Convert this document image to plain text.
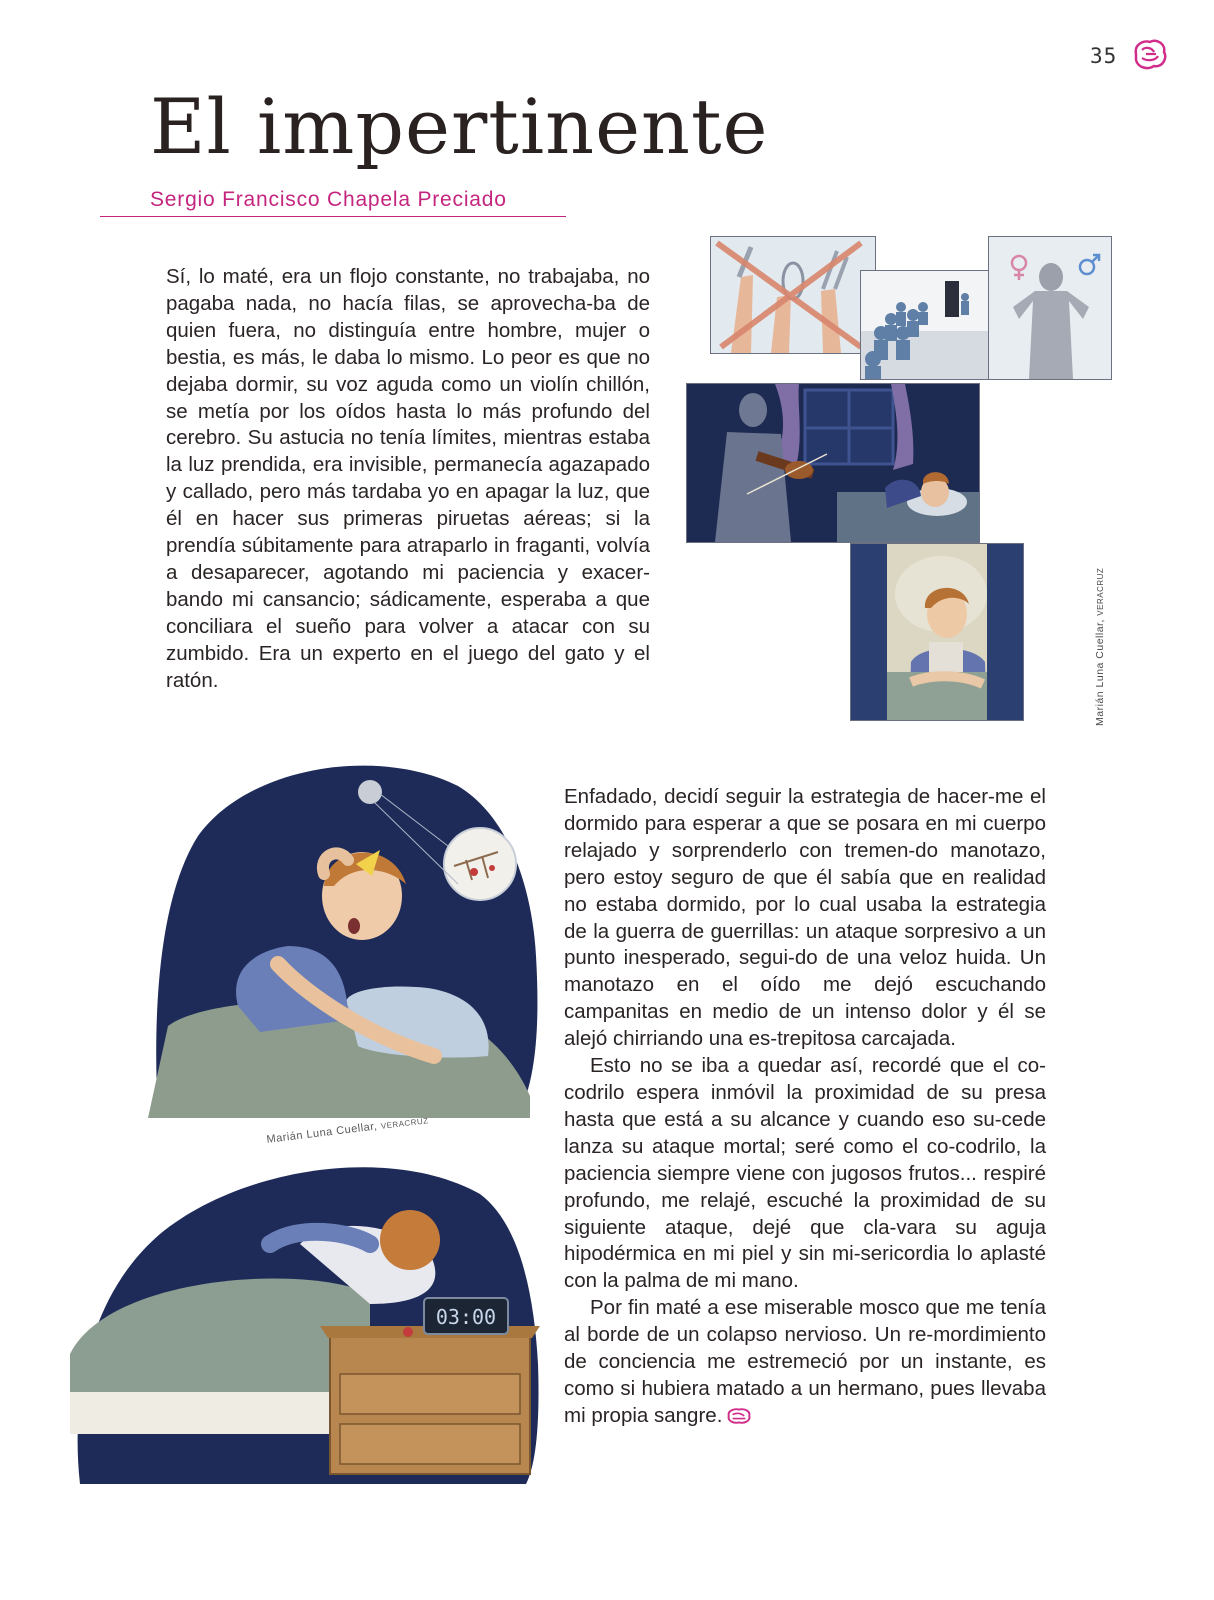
35
El impertinente
Sergio Francisco Chapela Preciado

Sí, lo maté, era un flojo constante, no trabajaba, no pagaba nada, no hacía filas, se aprovecha-ba de quien fuera, no distinguía entre hombre, mujer o bestia, es más, le daba lo mismo. Lo peor es que no dejaba dormir, su voz aguda como un violín chillón, se metía por los oídos hasta lo más profundo del cerebro. Su astucia no tenía límites, mientras estaba la luz prendida, era invisible, permanecía agazapado y callado, pero más tardaba yo en apagar la luz, que él en hacer sus primeras piruetas aéreas; si la prendía súbitamente para atraparlo in fraganti, volvía a desaparecer, agotando mi paciencia y exacer-bando mi cansancio; sádicamente, esperaba a que conciliara el sueño para volver a atacar con su zumbido. Era un experto en el juego del gato y el ratón.	Marián Luna Cuellar, VERACRUZ
Marián Luna Cuellar, VERACRUZ
03:00

Enfadado, decidí seguir la estrategia de hacer-me el dormido para esperar a que se posara en mi cuerpo relajado y sorprenderlo con tremen-do manotazo, pero estoy seguro de que él sabía que en realidad no estaba dormido, por lo cual usaba la estrategia de la guerra de guerrillas: un ataque sorpresivo a un punto inesperado, segui-do de una veloz huida. Un manotazo en el oído me dejó escuchando campanitas en medio de un intenso dolor y él se alejó chirriando una es-trepitosa carcajada.

Esto no se iba a quedar así, recordé que el co-codrilo espera inmóvil la proximidad de su presa hasta que está a su alcance y cuando eso su-cede lanza su ataque mortal; seré como el co-codrilo, la paciencia siempre viene con jugosos frutos... respiré profundo, me relajé, escuché la proximidad de su siguiente ataque, dejé que cla-vara su aguja hipodérmica en mi piel y sin mi-sericordia lo aplasté con la palma de mi mano.

Por fin maté a ese miserable mosco que me tenía al borde de un colapso nervioso. Un re-mordimiento de conciencia me estremeció por un instante, es como si hubiera matado a un hermano, pues llevaba mi propia sangre.
